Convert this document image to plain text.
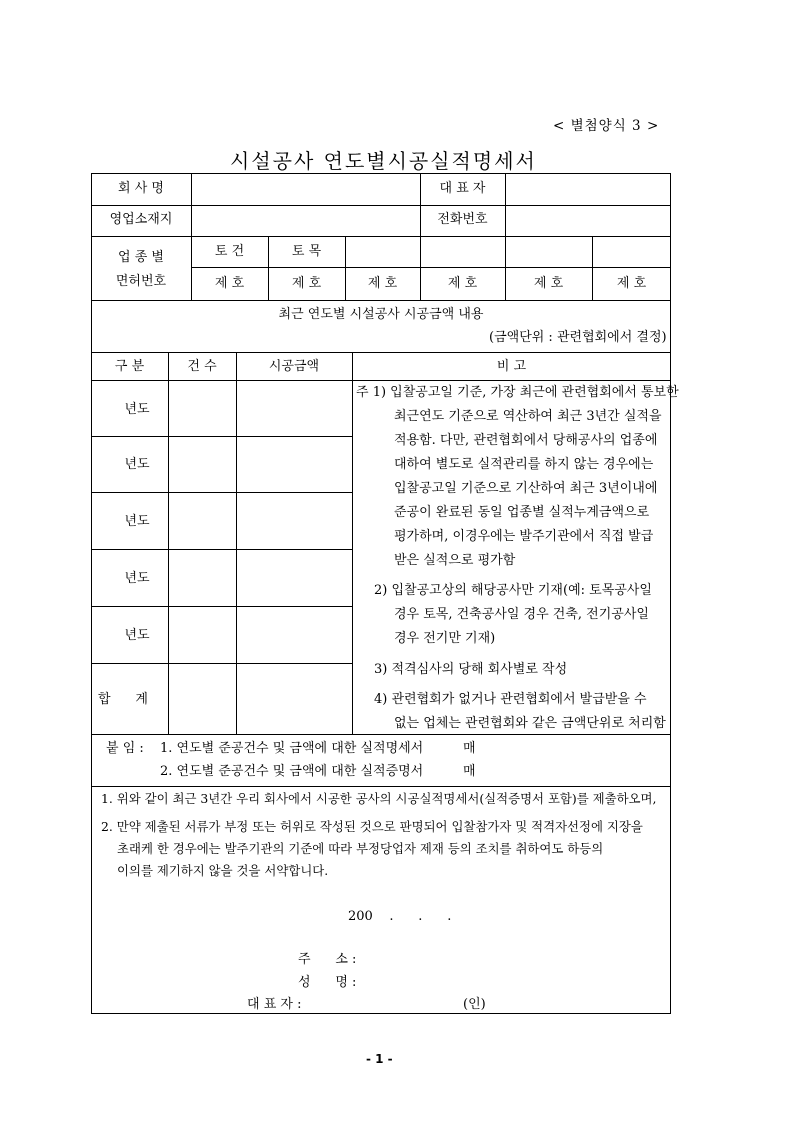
< 별첨양식 3 >
시설공사 연도별시공실적명세서
회 사 명	대 표 자
영업소재지	전화번호
업 종 별
면허번호
토 건	토 목
제 호	제 호	제 호	제 호	제 호	제 호
최근 연도별 시설공사 시공금액 내용
(금액단위 : 관련협회에서 결정)
구 분	건 수	시공금액	비 고
년도
년도
년도
년도
년도
합      계
주 1) 입찰공고일 기준, 가장 최근에 관련협회에서 통보한
최근연도 기준으로 역산하여 최근 3년간 실적을
적용함. 다만, 관련협회에서 당해공사의 업종에
대하여 별도로 실적관리를 하지 않는 경우에는
입찰공고일 기준으로 기산하여 최근 3년이내에
준공이 완료된 동일 업종별 실적누계금액으로
평가하며, 이경우에는 발주기관에서 직접 발급
받은 실적으로 평가함
2) 입찰공고상의 해당공사만 기재(예: 토목공사일
경우 토목, 건축공사일 경우 건축, 전기공사일
경우 전기만 기재)
3) 적격심사의 당해 회사별로 작성
4) 관련협회가 없거나 관련협회에서 발급받을 수
없는 업체는 관련협회와 같은 금액단위로 처리함
붙 임 : 1. 연도별 준공건수 및 금액에 대한 실적명세서	매
2. 연도별 준공건수 및 금액에 대한 실적증명서	매
1. 위와 같이 최근 3년간 우리 회사에서 시공한 공사의 시공실적명세서(실적증명서 포함)를 제출하오며,
2. 만약 제출된 서류가 부정 또는 허위로 작성된 것으로 판명되어 입찰참가자 및 적격자선정에 지장을
초래케 한 경우에는 발주기관의 기준에 따라 부정당업자 제재 등의 조치를 취하여도 하등의
이의를 제기하지 않을 것을 서약합니다.
200    .      .      .
주      소 :
성      명 :
대 표 자 :	(인)
- 1 -
